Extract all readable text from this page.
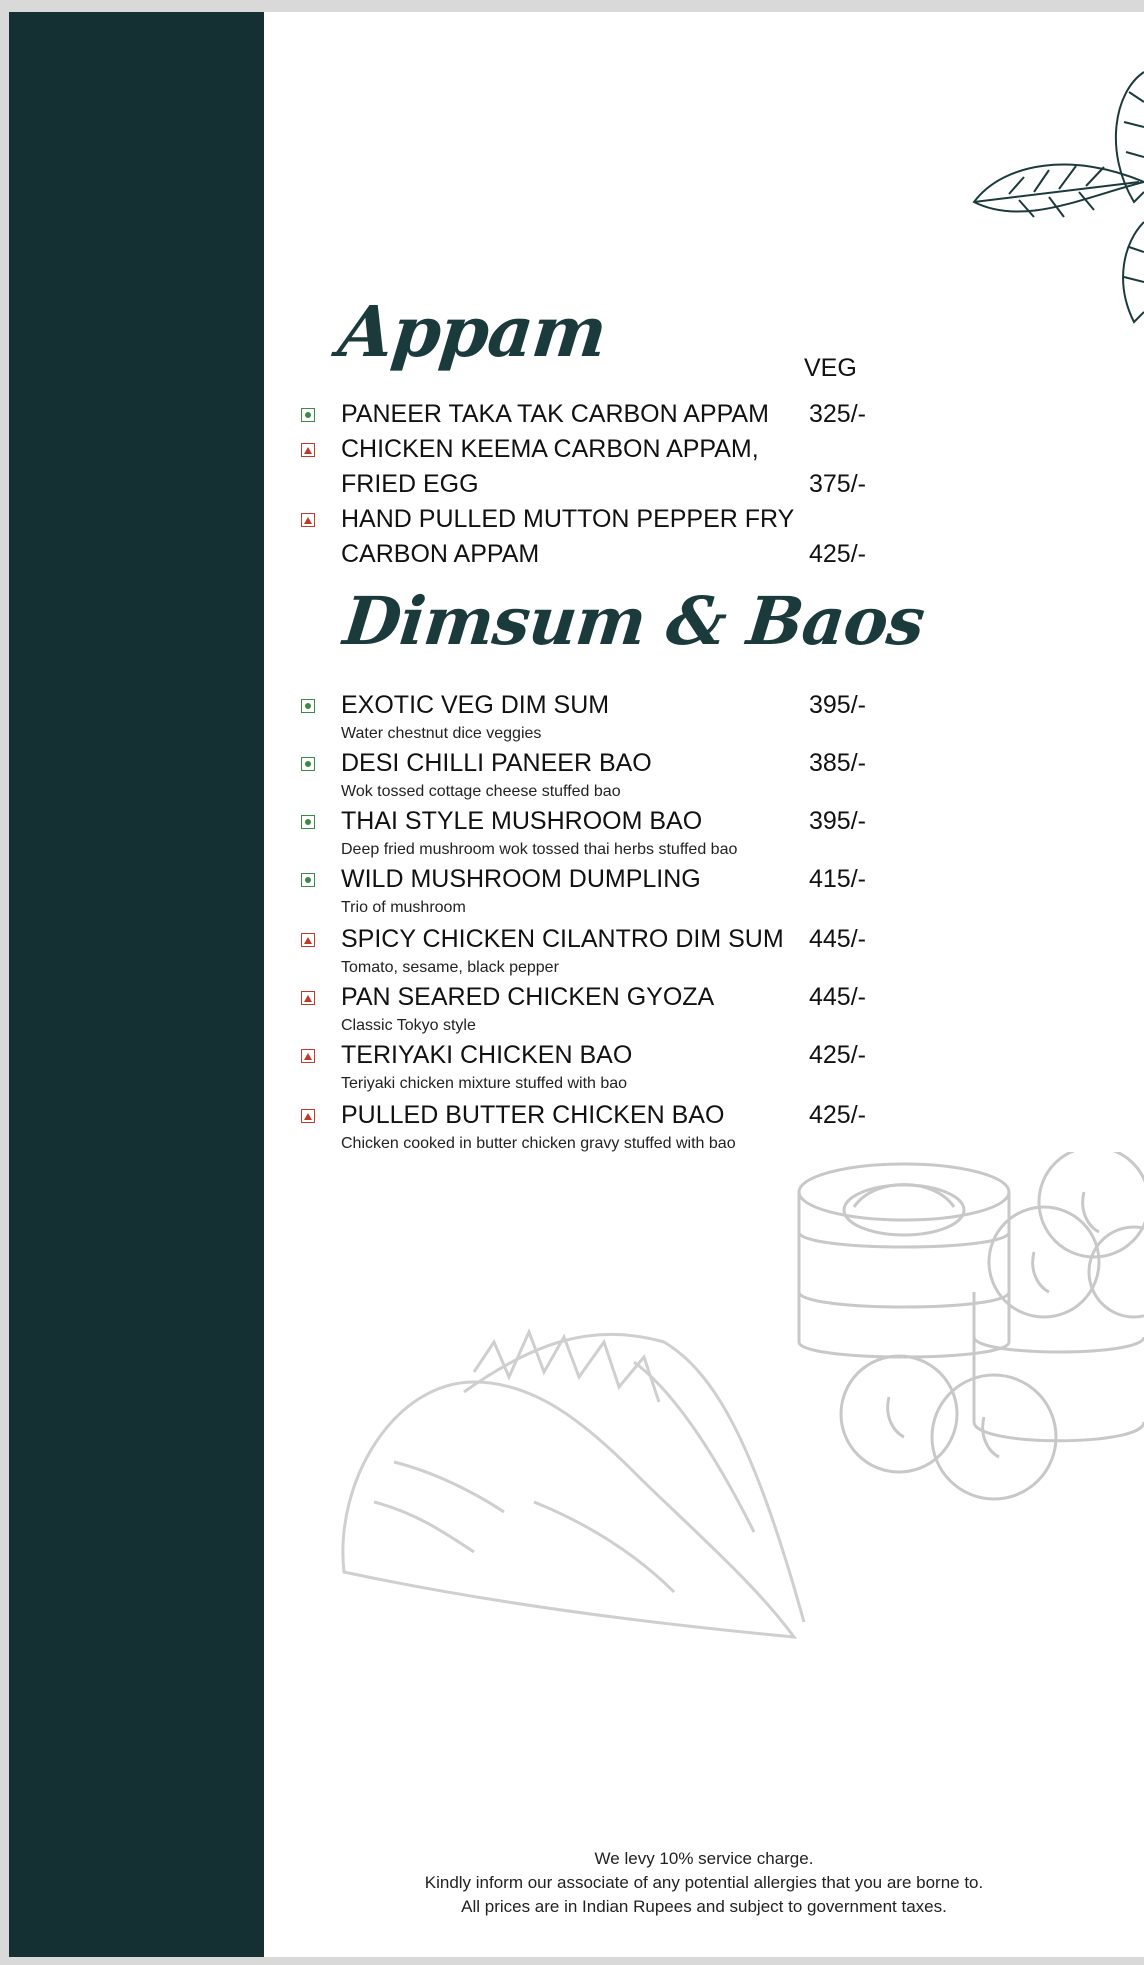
Appam	VEG
PANEER TAKA TAK CARBON APPAM 325/-
CHICKEN KEEMA CARBON APPAM,
FRIED EGG	375/-
HAND PULLED MUTTON PEPPER FRY
CARBON APPAM	425/-
Dimsum & Baos
EXOTIC VEG DIM SUM	395/-
Water chestnut dice veggies
DESI CHILLI PANEER BAO	385/-
Wok tossed cottage cheese stuffed bao
THAI STYLE MUSHROOM BAO	395/-
Deep fried mushroom wok tossed thai herbs stuffed bao
WILD MUSHROOM DUMPLING	415/-
Trio of mushroom
SPICY CHICKEN CILANTRO DIM SUM 445/-
Tomato, sesame, black pepper
PAN SEARED CHICKEN GYOZA	445/-
Classic Tokyo style
TERIYAKI CHICKEN BAO	425/-
Teriyaki chicken mixture stuffed with bao
PULLED BUTTER CHICKEN BAO	425/-
Chicken cooked in butter chicken gravy stuffed with bao
We levy 10% service charge.
Kindly inform our associate of any potential allergies that you are borne to.
All prices are in Indian Rupees and subject to government taxes.
